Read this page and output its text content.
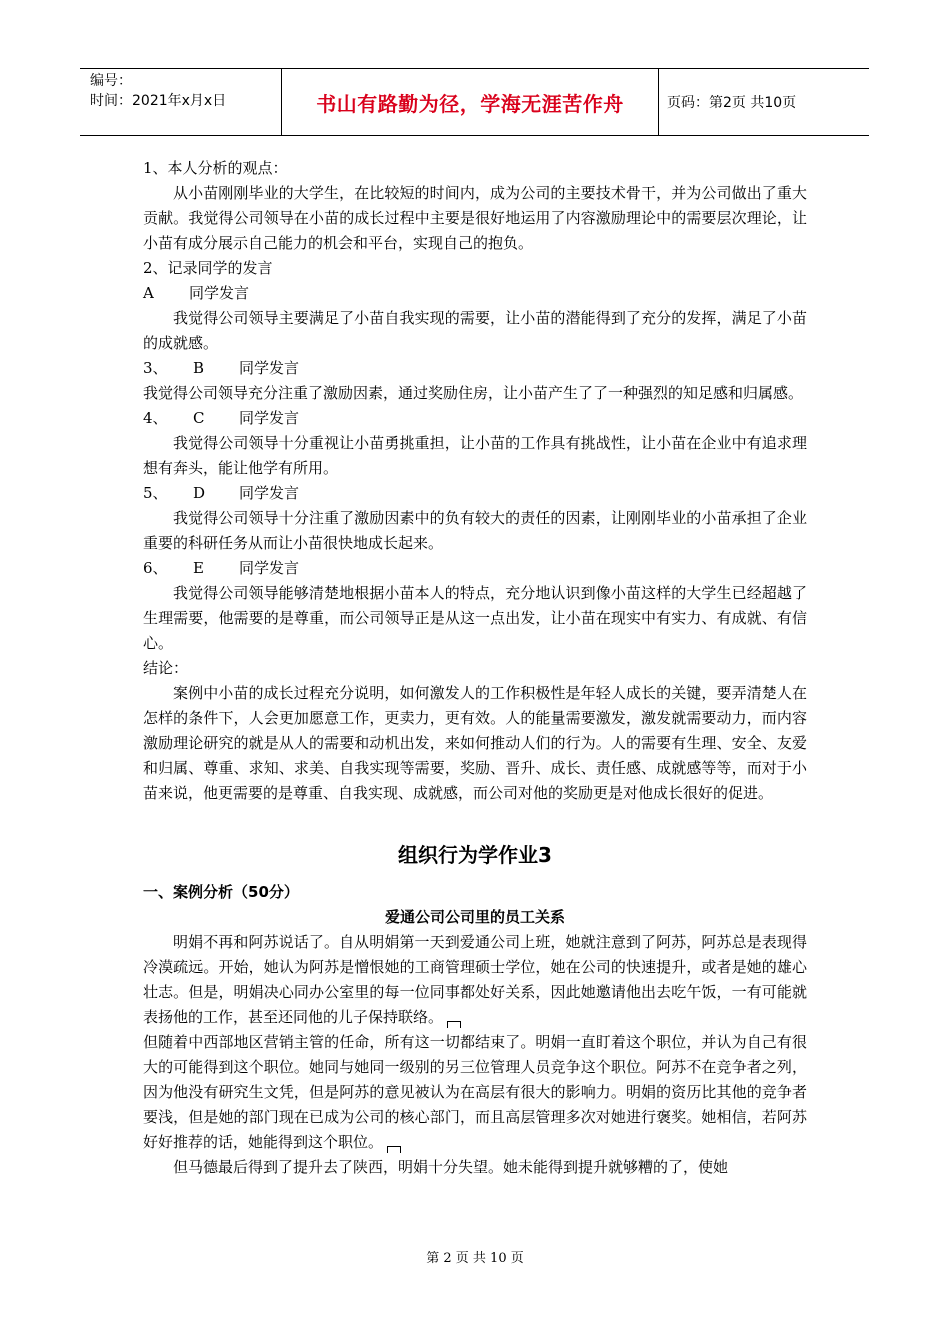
编号：
时间：2021年x月x日	书山有路勤为径，学海无涯苦作舟	页码：第2页 共10页

1、本人分析的观点：

从小苗刚刚毕业的大学生，在比较短的时间内，成为公司的主要技术骨干，并为公司做出了重大贡献。我觉得公司领导在小苗的成长过程中主要是很好地运用了内容激励理论中的需要层次理论，让小苗有成分展示自己能力的机会和平台，实现自己的抱负。

2、记录同学的发言

A 同学发言

我觉得公司领导主要满足了小苗自我实现的需要，让小苗的潜能得到了充分的发挥，满足了小苗的成就感。

3、 B 同学发言

我觉得公司领导充分注重了激励因素，通过奖励住房，让小苗产生了了一种强烈的知足感和归属感。

4、 C 同学发言

我觉得公司领导十分重视让小苗勇挑重担，让小苗的工作具有挑战性，让小苗在企业中有追求理想有奔头，能让他学有所用。

5、 D 同学发言

我觉得公司领导十分注重了激励因素中的负有较大的责任的因素，让刚刚毕业的小苗承担了企业重要的科研任务从而让小苗很快地成长起来。

6、 E 同学发言

我觉得公司领导能够清楚地根据小苗本人的特点，充分地认识到像小苗这样的大学生已经超越了生理需要，他需要的是尊重，而公司领导正是从这一点出发，让小苗在现实中有实力、有成就、有信心。

结论：

案例中小苗的成长过程充分说明，如何激发人的工作积极性是年轻人成长的关键，要弄清楚人在怎样的条件下，人会更加愿意工作，更卖力，更有效。人的能量需要激发，激发就需要动力，而内容激励理论研究的就是从人的需要和动机出发，来如何推动人们的行为。人的需要有生理、安全、友爱和归属、尊重、求知、求美、自我实现等需要，奖励、晋升、成长、责任感、成就感等等，而对于小苗来说，他更需要的是尊重、自我实现、成就感，而公司对他的奖励更是对他成长很好的促进。

组织行为学作业3

一、案例分析（50分）

爱通公司公司里的员工关系

明娟不再和阿苏说话了。自从明娟第一天到爱通公司上班，她就注意到了阿苏，阿苏总是表现得冷漠疏远。开始，她认为阿苏是憎恨她的工商管理硕士学位，她在公司的快速提升，或者是她的雄心壮志。但是，明娟决心同办公室里的每一位同事都处好关系，因此她邀请他出去吃午饭，一有可能就表扬他的工作，甚至还同他的儿子保持联络。

但随着中西部地区营销主管的任命，所有这一切都结束了。明娟一直盯着这个职位，并认为自己有很大的可能得到这个职位。她同与她同一级别的另三位管理人员竞争这个职位。阿苏不在竞争者之列，因为他没有研究生文凭，但是阿苏的意见被认为在高层有很大的影响力。明娟的资历比其他的竞争者要浅，但是她的部门现在已成为公司的核心部门，而且高层管理多次对她进行褒奖。她相信，若阿苏好好推荐的话，她能得到这个职位。

但马德最后得到了提升去了陕西，明娟十分失望。她未能得到提升就够糟的了，使她

第 2 页 共 10 页
